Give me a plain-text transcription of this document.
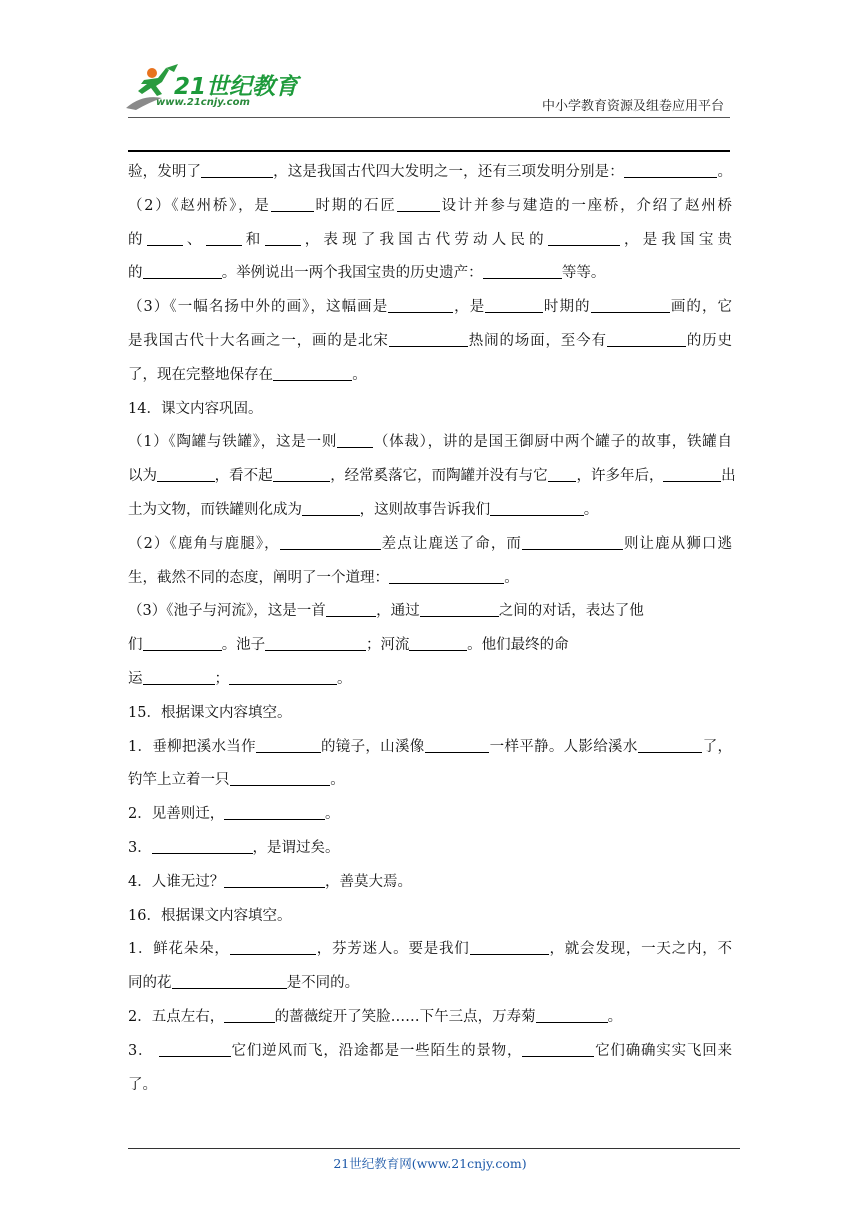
21世纪教育
www.21cnjy.com	中小学教育资源及组卷应用平台
验，发明了	，这是我国古代四大发明之一，还有三项发明分别是：	。
（2）《赵州桥》，是	时期的石匠	设计并参与建造的一座桥，介绍了赵州桥
的 、 和 ，表现了我国古代劳动人民的	，是我国宝贵
的	。举例说出一两个我国宝贵的历史遗产：	等等。
（3）《一幅名扬中外的画》，这幅画是	，是	时期的	画的，它
是我国古代十大名画之一，画的是北宋	热闹的场面，至今有	的历史
了，现在完整地保存在	。
14．课文内容巩固。
（1）《陶罐与铁罐》，这是一则 （体裁），讲的是国王御厨中两个罐子的故事，铁罐自
以为	，看不起	，经常奚落它，而陶罐并没有与它 ，许多年后，	出
土为文物，而铁罐则化成为	，这则故事告诉我们	。
（2）《鹿角与鹿腿》，	差点让鹿送了命，而	则让鹿从狮口逃
生，截然不同的态度，阐明了一个道理：	。
（3）《池子与河流》，这是一首	，通过	之间的对话，表达了他
们	。池子	；河流	。他们最终的命
运	；	。
15．根据课文内容填空。
1．垂柳把溪水当作	的镜子，山溪像	一样平静。人影给溪水	了，
钓竿上立着一只	。
2．见善则迁，	。
3．	，是谓过矣。
4．人谁无过？	，善莫大焉。
16．根据课文内容填空。
1．鲜花朵朵，	，芬芳迷人。要是我们	，就会发现，一天之内，不
同的花	是不同的。
2．五点左右，	的蔷薇绽开了笑脸……下午三点，万寿菊	。
3．	它们逆风而飞，沿途都是一些陌生的景物，	它们确确实实飞回来
了。
21世纪教育网(www.21cnjy.com)
